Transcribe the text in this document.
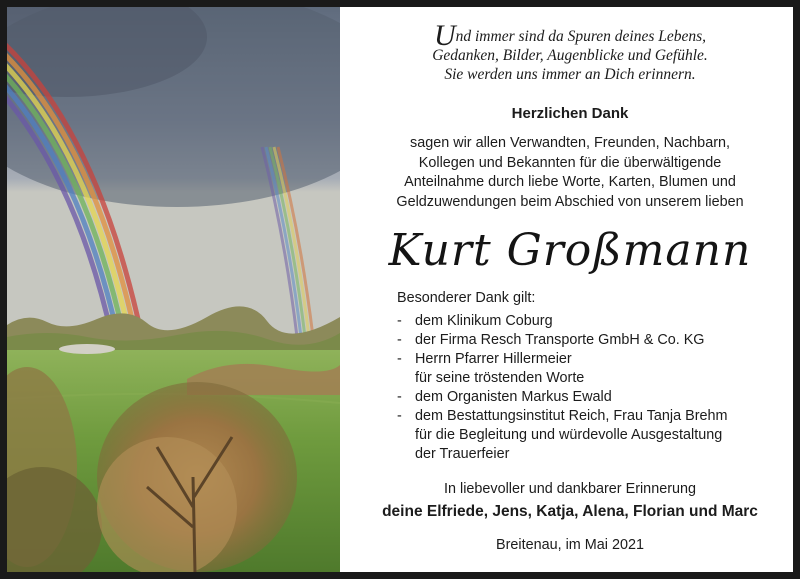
Und immer sind da Spuren deines Lebens,
Gedanken, Bilder, Augenblicke und Gefühle.
Sie werden uns immer an Dich erinnern.
Herzlichen Dank
sagen wir allen Verwandten, Freunden, Nachbarn,
Kollegen und Bekannten für die überwältigende
Anteilnahme durch liebe Worte, Karten, Blumen und
Geldzuwendungen beim Abschied von unserem lieben
Kurt Großmann
Besonderer Dank gilt:
- dem Klinikum Coburg
- der Firma Resch Transporte GmbH & Co. KG
- Herrn Pfarrer Hillermeier
für seine tröstenden Worte
- dem Organisten Markus Ewald
- dem Bestattungsinstitut Reich, Frau Tanja Brehm
für die Begleitung und würdevolle Ausgestaltung
der Trauerfeier
In liebevoller und dankbarer Erinnerung
deine Elfriede, Jens, Katja, Alena, Florian und Marc
Breitenau, im Mai 2021
